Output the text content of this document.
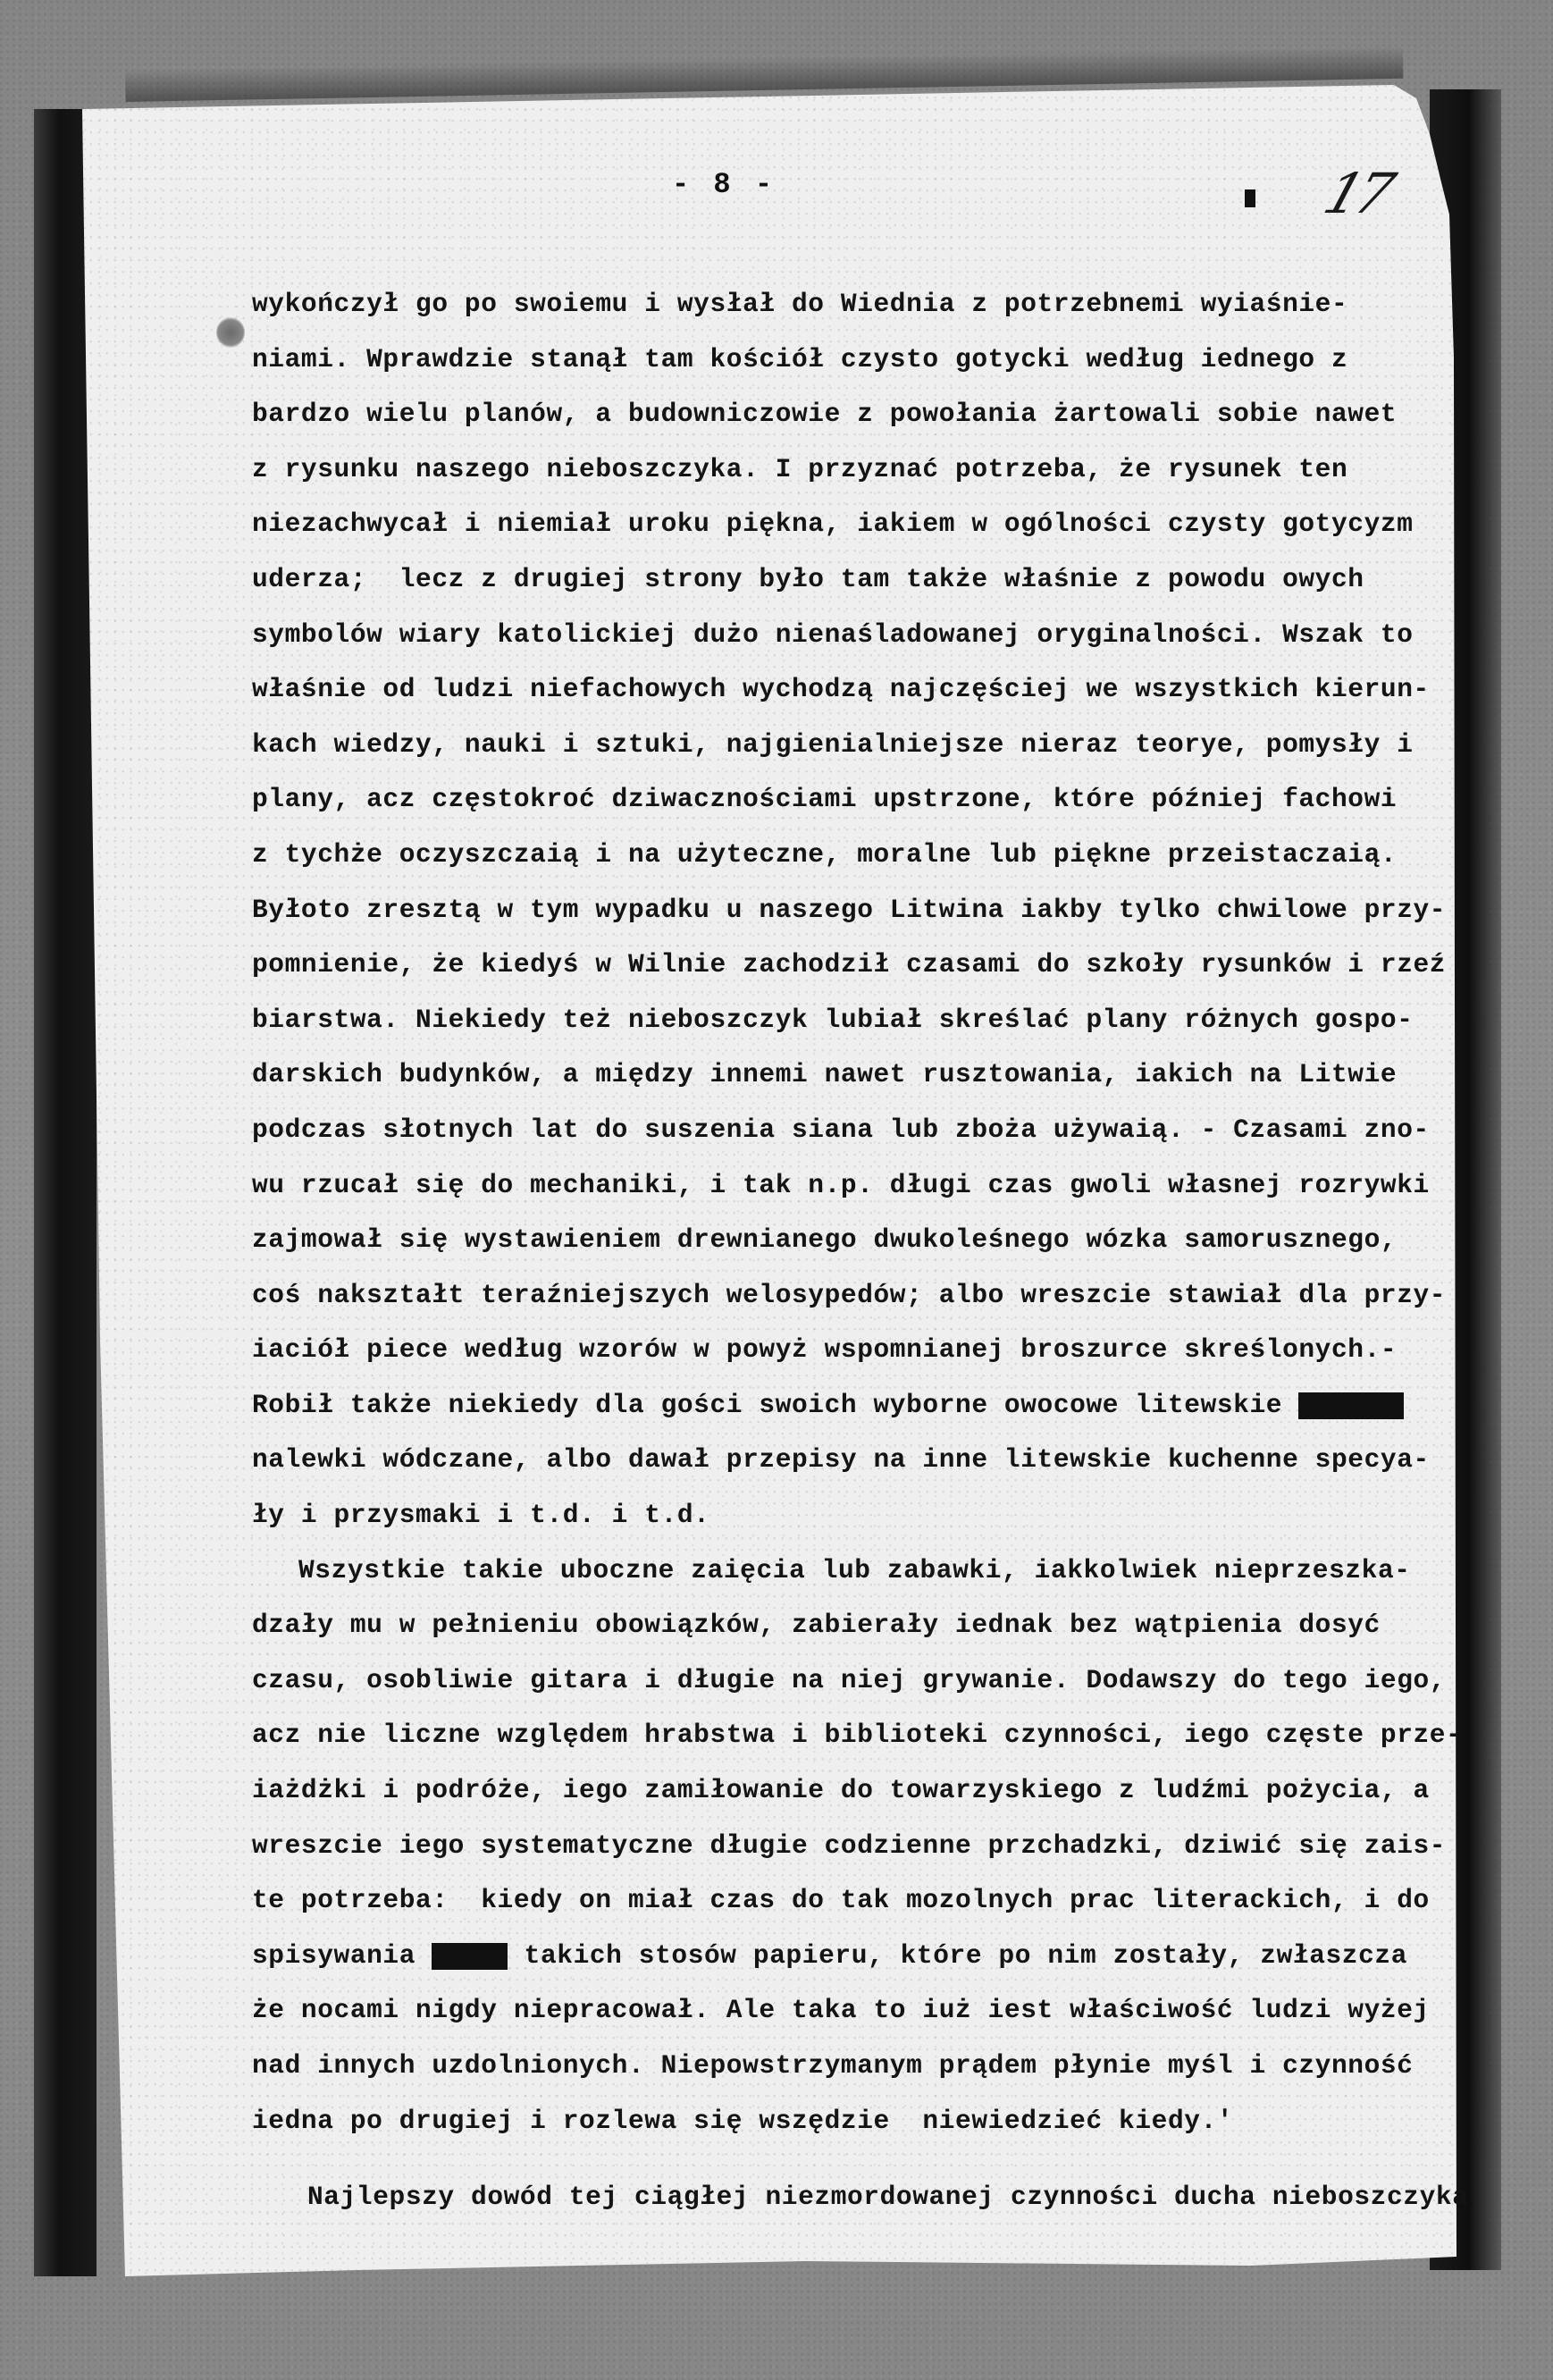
- 8 -	17
wykończył go po swoiemu i wysłał do Wiednia z potrzebnemi wyiaśnie-
niami. Wprawdzie stanął tam kościół czysto gotycki według iednego z
bardzo wielu planów, a budowniczowie z powołania żartowali sobie nawet
z rysunku naszego nieboszczyka. I przyznać potrzeba, że rysunek ten
niezachwycał i niemiał uroku piękna, iakiem w ogólności czysty gotycyzm
uderza;  lecz z drugiej strony było tam także właśnie z powodu owych
symbolów wiary katolickiej dużo nienaśladowanej oryginalności. Wszak to
właśnie od ludzi niefachowych wychodzą najczęściej we wszystkich kierun-
kach wiedzy, nauki i sztuki, najgienialniejsze nieraz teorye, pomysły i
plany, acz częstokroć dziwacznościami upstrzone, które później fachowi
z tychże oczyszczaią i na użyteczne, moralne lub piękne przeistaczaią.
Byłoto zresztą w tym wypadku u naszego Litwina iakby tylko chwilowe przy-
pomnienie, że kiedyś w Wilnie zachodził czasami do szkoły rysunków i rzeź
biarstwa. Niekiedy też nieboszczyk lubiał skreślać plany różnych gospo-
darskich budynków, a między innemi nawet rusztowania, iakich na Litwie
podczas słotnych lat do suszenia siana lub zboża używaią. - Czasami zno-
wu rzucał się do mechaniki, i tak n.p. długi czas gwoli własnej rozrywki
zajmował się wystawieniem drewnianego dwukoleśnego wózka samorusznego,
coś nakształt teraźniejszych welosypedów; albo wreszcie stawiał dla przy-
iaciół piece według wzorów w powyż wspomnianej broszurce skreślonych.-
Robił także niekiedy dla gości swoich wyborne owocowe litewskie xkxwkxx
nalewki wódczane, albo dawał przepisy na inne litewskie kuchenne specya-
ły i przysmaki i t.d. i t.d.
Wszystkie takie uboczne zaięcia lub zabawki, iakkolwiek nieprzeszka-
dzały mu w pełnieniu obowiązków, zabierały iednak bez wątpienia dosyć
czasu, osobliwie gitara i długie na niej grywanie. Dodawszy do tego iego,
acz nie liczne względem hrabstwa i biblioteki czynności, iego częste prze-
iażdżki i podróże, iego zamiłowanie do towarzyskiego z ludźmi pożycia, a
wreszcie iego systematyczne długie codzienne przchadzki, dziwić się zais-
te potrzeba:  kiedy on miał czas do tak mozolnych prac literackich, i do
spisywania xxbxx takich stosów papieru, które po nim zostały, zwłaszcza
że nocami nigdy niepracował. Ale taka to iuż iest właściwość ludzi wyżej
nad innych uzdolnionych. Niepowstrzymanym prądem płynie myśl i czynność
iedna po drugiej i rozlewa się wszędzie  niewiedzieć kiedy.'
Najlepszy dowód tej ciągłej niezmordowanej czynności ducha nieboszczyka
